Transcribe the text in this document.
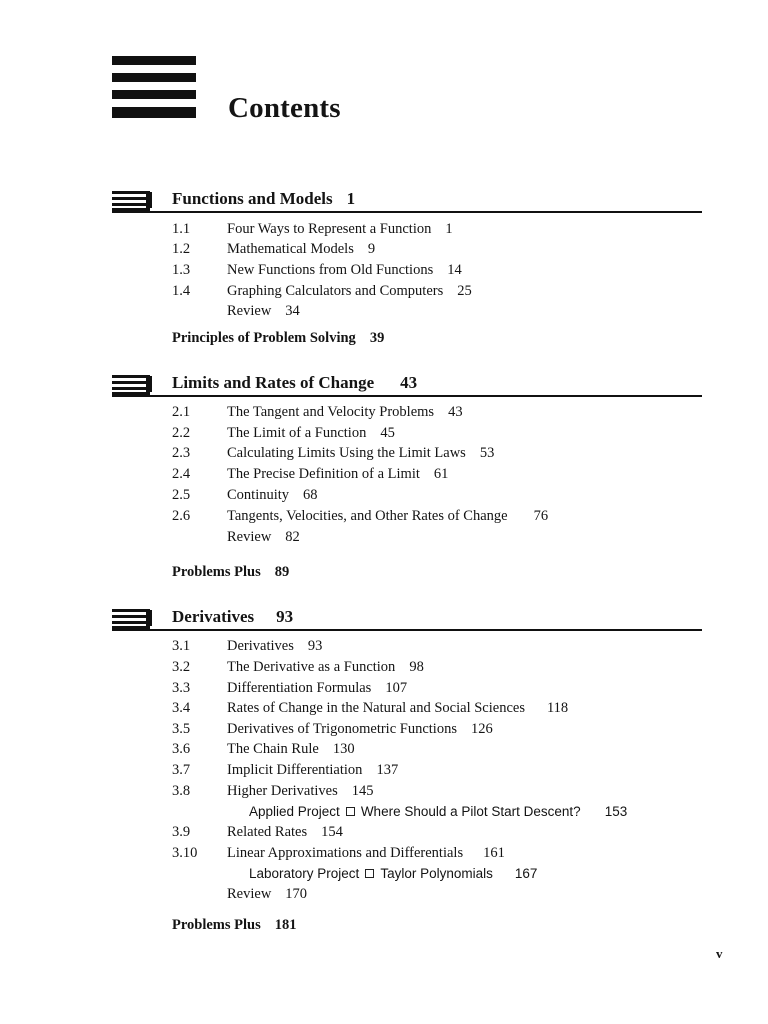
Contents
Functions and Models 1
1.1	Four Ways to Represent a Function 1
1.2	Mathematical Models 9
1.3	New Functions from Old Functions 14
1.4	Graphing Calculators and Computers 25
Review 34
Principles of Problem Solving 39
Limits and Rates of Change 43
2.1	The Tangent and Velocity Problems 43
2.2	The Limit of a Function 45
2.3	Calculating Limits Using the Limit Laws 53
2.4	The Precise Definition of a Limit 61
2.5	Continuity 68
2.6	Tangents, Velocities, and Other Rates of Change 76
Review 82
Problems Plus 89
Derivatives 93
3.1	Derivatives 93
3.2	The Derivative as a Function 98
3.3	Differentiation Formulas 107
3.4	Rates of Change in the Natural and Social Sciences 118
3.5	Derivatives of Trigonometric Functions 126
3.6	The Chain Rule 130
3.7	Implicit Differentiation 137
3.8	Higher Derivatives 145
Applied Project Where Should a Pilot Start Descent? 153
3.9	Related Rates 154
3.10 Linear Approximations and Differentials 161
Laboratory Project Taylor Polynomials 167
Review 170
Problems Plus 181
v
